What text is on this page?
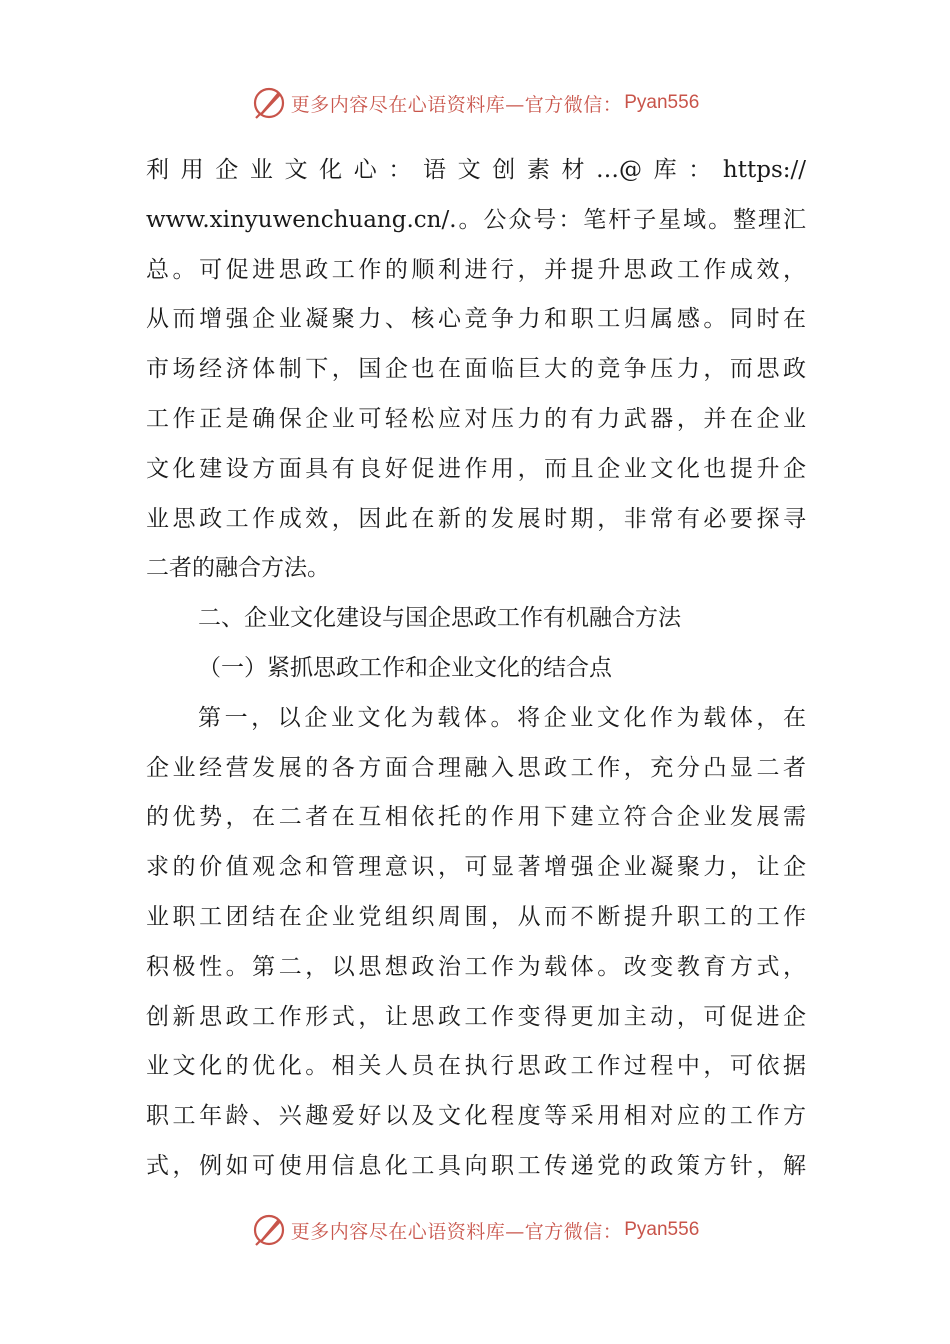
更多内容尽在心语资料库—官方微信： Pyan556
利用企业文化心：语文创素材…@库：https://
www.xinyuwenchuang.cn/.。公众号：笔杆子星域。整理汇
总。可促进思政工作的顺利进行，并提升思政工作成效，
从而增强企业凝聚力、核心竞争力和职工归属感。同时在
市场经济体制下，国企也在面临巨大的竞争压力，而思政
工作正是确保企业可轻松应对压力的有力武器，并在企业
文化建设方面具有良好促进作用，而且企业文化也提升企
业思政工作成效，因此在新的发展时期，非常有必要探寻
二者的融合方法。
二、企业文化建设与国企思政工作有机融合方法
（一）紧抓思政工作和企业文化的结合点
第一，以企业文化为载体。将企业文化作为载体，在
企业经营发展的各方面合理融入思政工作，充分凸显二者
的优势，在二者在互相依托的作用下建立符合企业发展需
求的价值观念和管理意识，可显著增强企业凝聚力，让企
业职工团结在企业党组织周围，从而不断提升职工的工作
积极性。第二，以思想政治工作为载体。改变教育方式，
创新思政工作形式，让思政工作变得更加主动，可促进企
业文化的优化。相关人员在执行思政工作过程中，可依据
职工年龄、兴趣爱好以及文化程度等采用相对应的工作方
式，例如可使用信息化工具向职工传递党的政策方针，解
更多内容尽在心语资料库—官方微信： Pyan556
